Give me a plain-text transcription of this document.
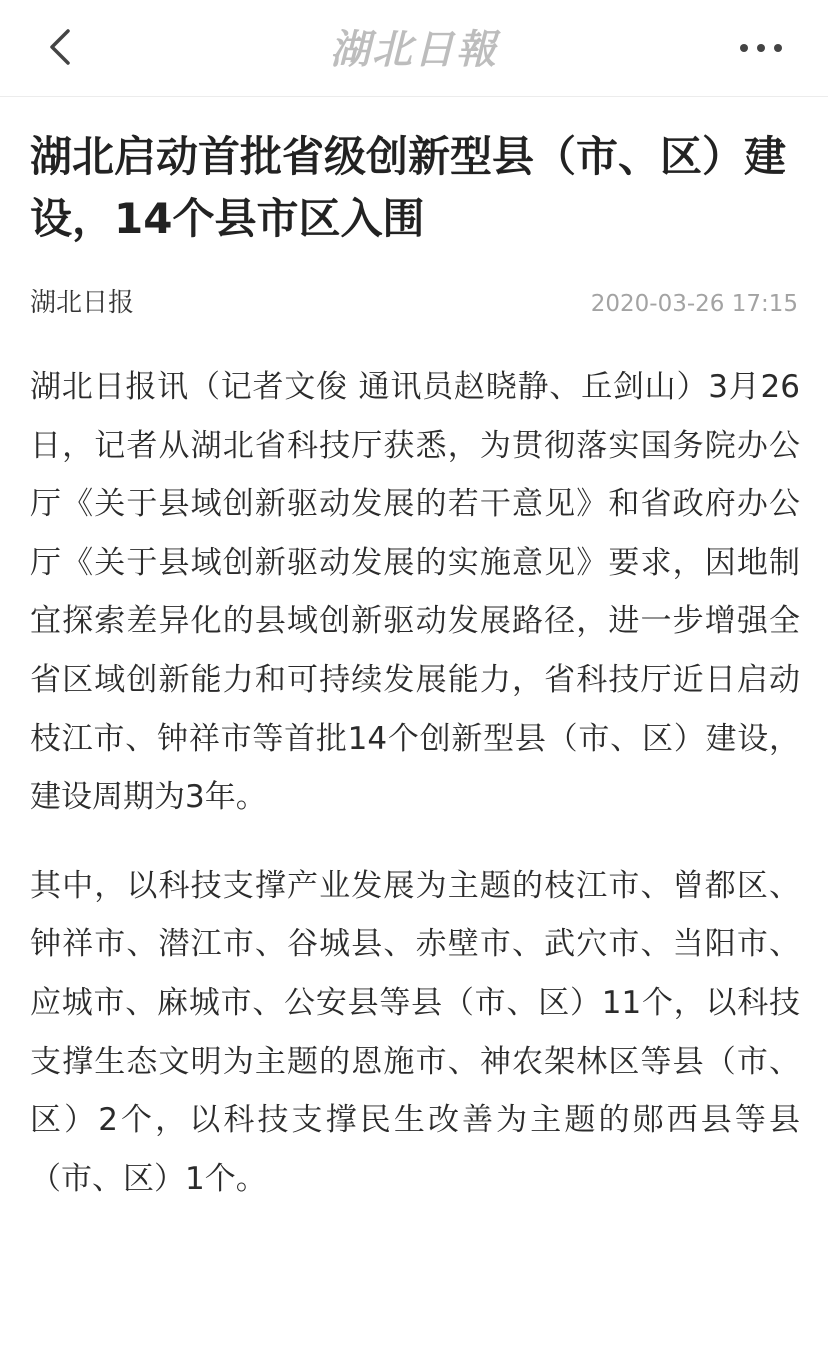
湖北日報
湖北启动首批省级创新型县（市、区）建设，14个县市区入围
湖北日报	2020-03-26 17:15

湖北日报讯（记者文俊 通讯员赵晓静、丘剑山）3月26日，记者从湖北省科技厅获悉，为贯彻落实国务院办公厅《关于县域创新驱动发展的若干意见》和省政府办公厅《关于县域创新驱动发展的实施意见》要求，因地制宜探索差异化的县域创新驱动发展路径，进一步增强全省区域创新能力和可持续发展能力，省科技厅近日启动枝江市、钟祥市等首批14个创新型县（市、区）建设，建设周期为3年。

其中，以科技支撑产业发展为主题的枝江市、曾都区、钟祥市、潜江市、谷城县、赤壁市、武穴市、当阳市、应城市、麻城市、公安县等县（市、区）11个，以科技支撑生态文明为主题的恩施市、神农架林区等县（市、区）2个，以科技支撑民生改善为主题的郧西县等县（市、区）1个。
